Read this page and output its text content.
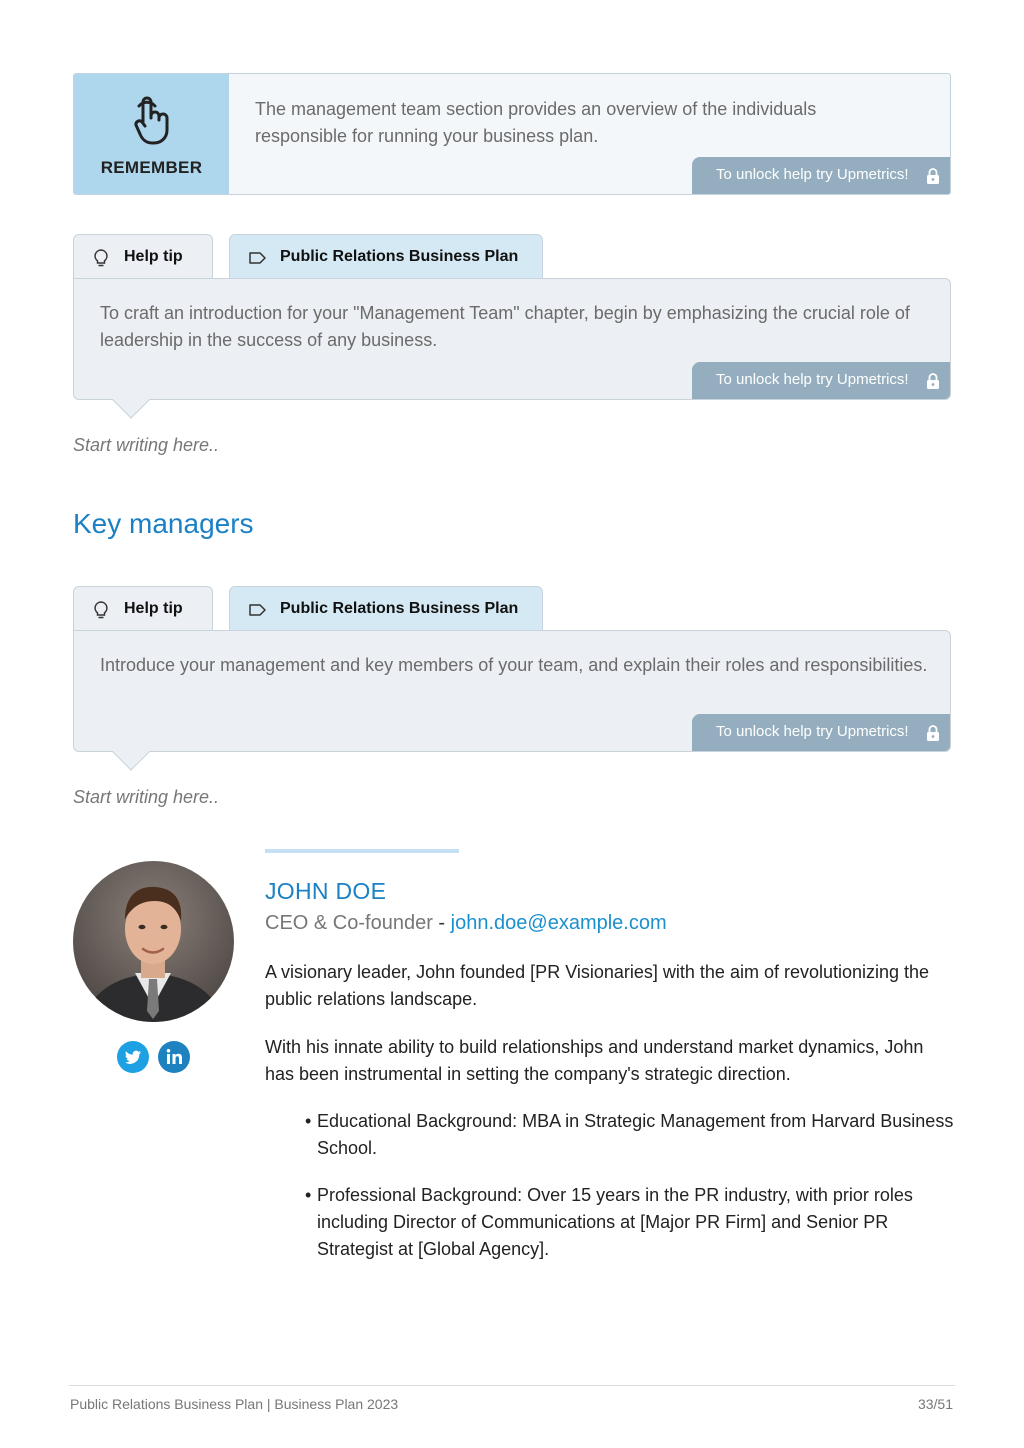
REMEMBER
The management team section provides an overview of the individuals responsible for running your business plan.
To unlock help try Upmetrics!
Help tip	Public Relations Business Plan
To craft an introduction for your "Management Team" chapter, begin by emphasizing the crucial role of leadership in the success of any business.
To unlock help try Upmetrics!
Start writing here..
Key managers
Help tip	Public Relations Business Plan
Introduce your management and key members of your team, and explain their roles and responsibilities.
To unlock help try Upmetrics!
Start writing here..
JOHN DOE
CEO & Co-founder - john.doe@example.com
A visionary leader, John founded [PR Visionaries] with the aim of revolutionizing the public relations landscape.
With his innate ability to build relationships and understand market dynamics, John has been instrumental in setting the company's strategic direction.
• Educational Background: MBA in Strategic Management from Harvard Business School.
• Professional Background: Over 15 years in the PR industry, with prior roles including Director of Communications at [Major PR Firm] and Senior PR Strategist at [Global Agency].
Public Relations Business Plan | Business Plan 2023	33/51
